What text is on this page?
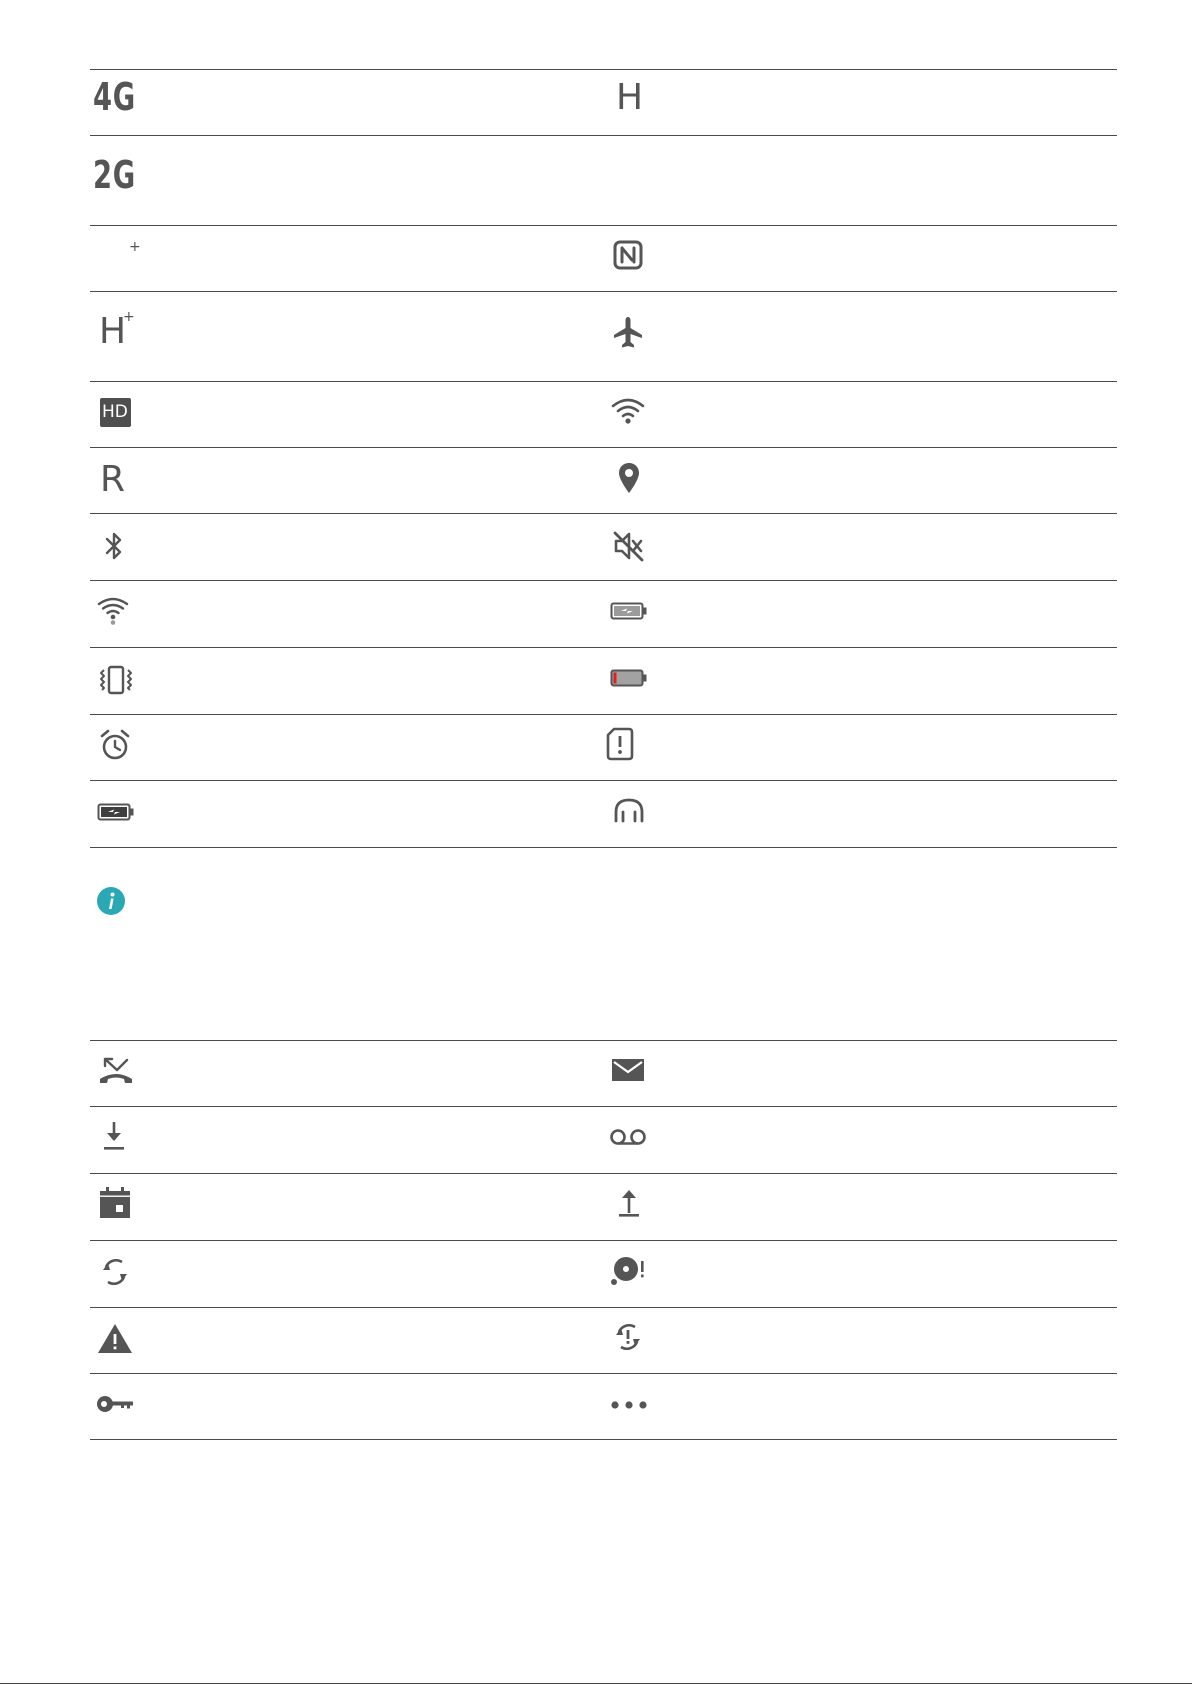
4G	H
2G
+
H
+
HD
R
